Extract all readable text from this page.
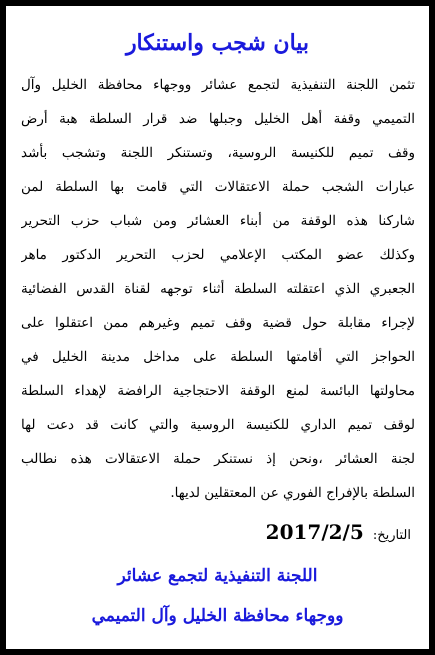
بيان شجب واستنكار
تثمن اللجنة التنفيذية لتجمع عشائر ووجهاء محافظة الخليل وآل
التميمي وقفة أهل الخليل وجبلها ضد قرار السلطة هبة أرض
وقف تميم للكنيسة الروسية، وتستنكر اللجنة وتشجب بأشد
عبارات الشجب حملة الاعتقالات التي قامت بها السلطة لمن
شاركنا هذه الوقفة من أبناء العشائر ومن شباب حزب التحرير
وكذلك عضو المكتب الإعلامي لحزب التحرير الدكتور ماهر
الجعبري الذي اعتقلته السلطة أثناء توجهه لقناة القدس الفضائية
لإجراء مقابلة حول قضية وقف تميم وغيرهم ممن اعتقلوا على
الحواجز التي أقامتها السلطة على مداخل مدينة الخليل في
محاولتها البائسة لمنع الوقفة الاحتجاجية الرافضة لإهداء السلطة
لوقف تميم الداري للكنيسة الروسية والتي كانت قد دعت لها
لجنة العشائر ،ونحن إذ نستنكر حملة الاعتقالات هذه نطالب
السلطة بالإفراج الفوري عن المعتقلين لديها.
التاريخ: 2017/2/5
اللجنة التنفيذية لتجمع عشائر
ووجهاء محافظة الخليل وآل التميمي
